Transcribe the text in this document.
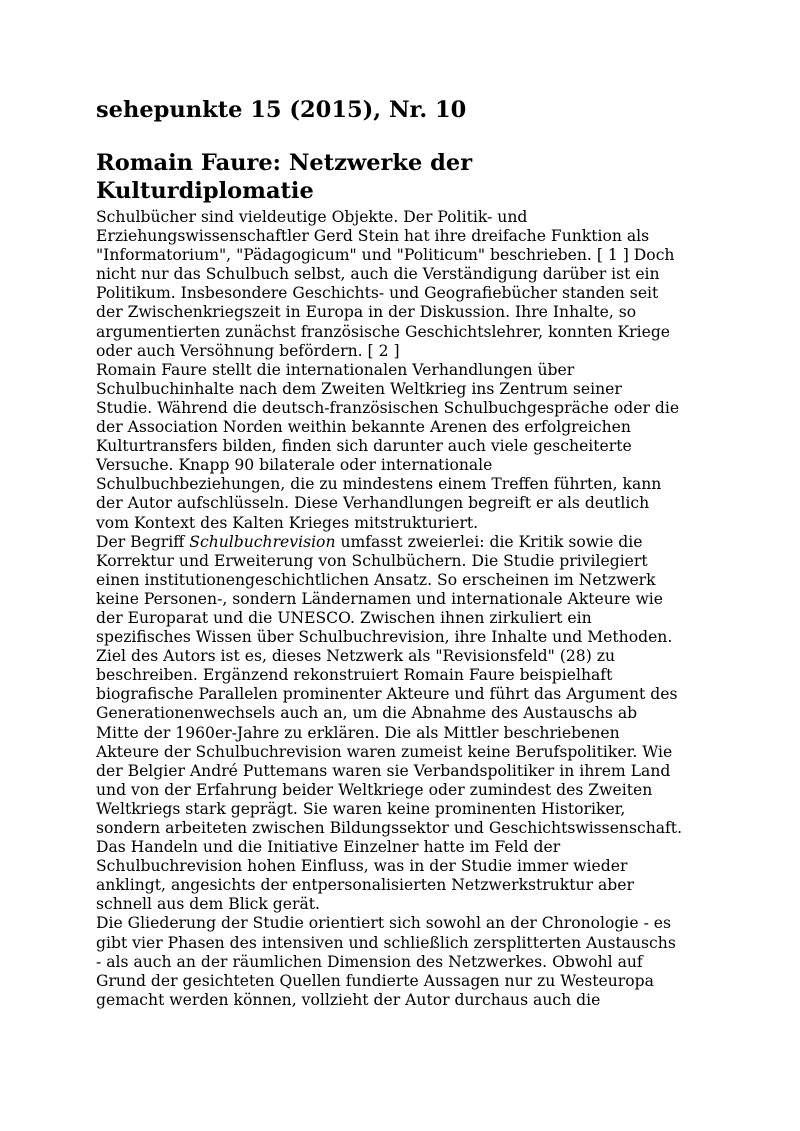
sehepunkte 15 (2015), Nr. 10
Romain Faure: Netzwerke der
Kulturdiplomatie
Schulbücher sind vieldeutige Objekte. Der Politik- und
Erziehungswissenschaftler Gerd Stein hat ihre dreifache Funktion als
"Informatorium", "Pädagogicum" und "Politicum" beschrieben. [ 1 ] Doch
nicht nur das Schulbuch selbst, auch die Verständigung darüber ist ein
Politikum. Insbesondere Geschichts- und Geografiebücher standen seit
der Zwischenkriegszeit in Europa in der Diskussion. Ihre Inhalte, so
argumentierten zunächst französische Geschichtslehrer, konnten Kriege
oder auch Versöhnung befördern. [ 2 ]
Romain Faure stellt die internationalen Verhandlungen über
Schulbuchinhalte nach dem Zweiten Weltkrieg ins Zentrum seiner
Studie. Während die deutsch-französischen Schulbuchgespräche oder die
der Association Norden weithin bekannte Arenen des erfolgreichen
Kulturtransfers bilden, finden sich darunter auch viele gescheiterte
Versuche. Knapp 90 bilaterale oder internationale
Schulbuchbeziehungen, die zu mindestens einem Treffen führten, kann
der Autor aufschlüsseln. Diese Verhandlungen begreift er als deutlich
vom Kontext des Kalten Krieges mitstrukturiert.
Der Begriff Schulbuchrevision umfasst zweierlei: die Kritik sowie die
Korrektur und Erweiterung von Schulbüchern. Die Studie privilegiert
einen institutionengeschichtlichen Ansatz. So erscheinen im Netzwerk
keine Personen-, sondern Ländernamen und internationale Akteure wie
der Europarat und die UNESCO. Zwischen ihnen zirkuliert ein
spezifisches Wissen über Schulbuchrevision, ihre Inhalte und Methoden.
Ziel des Autors ist es, dieses Netzwerk als "Revisionsfeld" (28) zu
beschreiben. Ergänzend rekonstruiert Romain Faure beispielhaft
biografische Parallelen prominenter Akteure und führt das Argument des
Generationenwechsels auch an, um die Abnahme des Austauschs ab
Mitte der 1960er-Jahre zu erklären. Die als Mittler beschriebenen
Akteure der Schulbuchrevision waren zumeist keine Berufspolitiker. Wie
der Belgier André Puttemans waren sie Verbandspolitiker in ihrem Land
und von der Erfahrung beider Weltkriege oder zumindest des Zweiten
Weltkriegs stark geprägt. Sie waren keine prominenten Historiker,
sondern arbeiteten zwischen Bildungssektor und Geschichtswissenschaft.
Das Handeln und die Initiative Einzelner hatte im Feld der
Schulbuchrevision hohen Einfluss, was in der Studie immer wieder
anklingt, angesichts der entpersonalisierten Netzwerkstruktur aber
schnell aus dem Blick gerät.
Die Gliederung der Studie orientiert sich sowohl an der Chronologie - es
gibt vier Phasen des intensiven und schließlich zersplitterten Austauschs
- als auch an der räumlichen Dimension des Netzwerkes. Obwohl auf
Grund der gesichteten Quellen fundierte Aussagen nur zu Westeuropa
gemacht werden können, vollzieht der Autor durchaus auch die
